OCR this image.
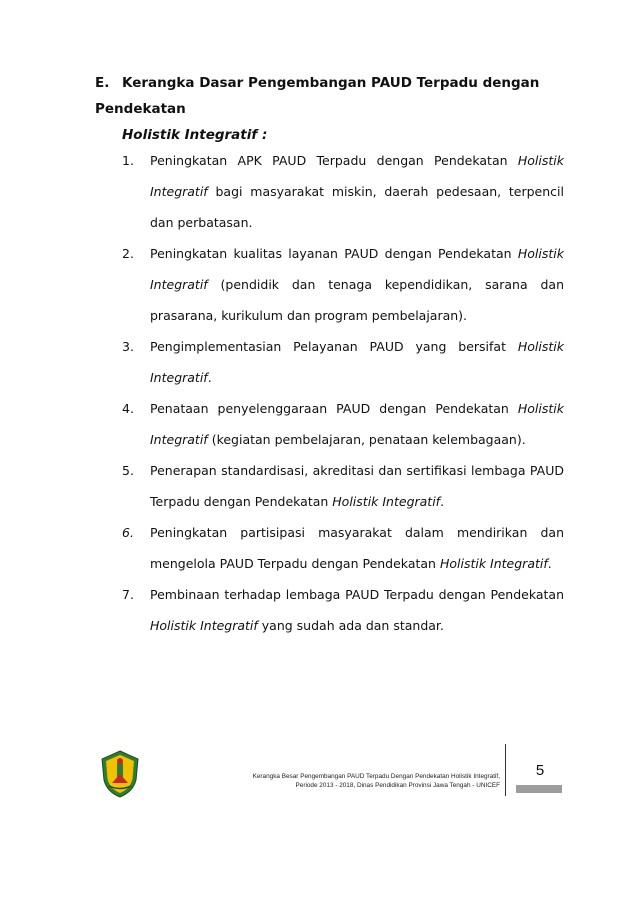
E. Kerangka Dasar Pengembangan PAUD Terpadu dengan Pendekatan
Holistik Integratif :
1. Peningkatan APK PAUD Terpadu dengan Pendekatan Holistik Integratif bagi masyarakat miskin, daerah pedesaan, terpencil dan perbatasan.
2. Peningkatan kualitas layanan PAUD dengan Pendekatan Holistik Integratif (pendidik dan tenaga kependidikan, sarana dan prasarana, kurikulum dan program pembelajaran).
3. Pengimplementasian Pelayanan PAUD yang bersifat Holistik Integratif.
4. Penataan penyelenggaraan PAUD dengan Pendekatan Holistik Integratif (kegiatan pembelajaran, penataan kelembagaan).
5. Penerapan standardisasi, akreditasi dan sertifikasi lembaga PAUD Terpadu dengan Pendekatan Holistik Integratif.
6. Peningkatan partisipasi masyarakat dalam mendirikan dan mengelola PAUD Terpadu dengan Pendekatan Holistik Integratif.
7. Pembinaan terhadap lembaga PAUD Terpadu dengan Pendekatan Holistik Integratif yang sudah ada dan standar.
Kerangka Besar Pengembangan PAUD Terpadu Dengan Pendekatan Holistik Integratif,
Periode 2013 - 2018, Dinas Pendidikan Provinsi Jawa Tengah - UNICEF
5
